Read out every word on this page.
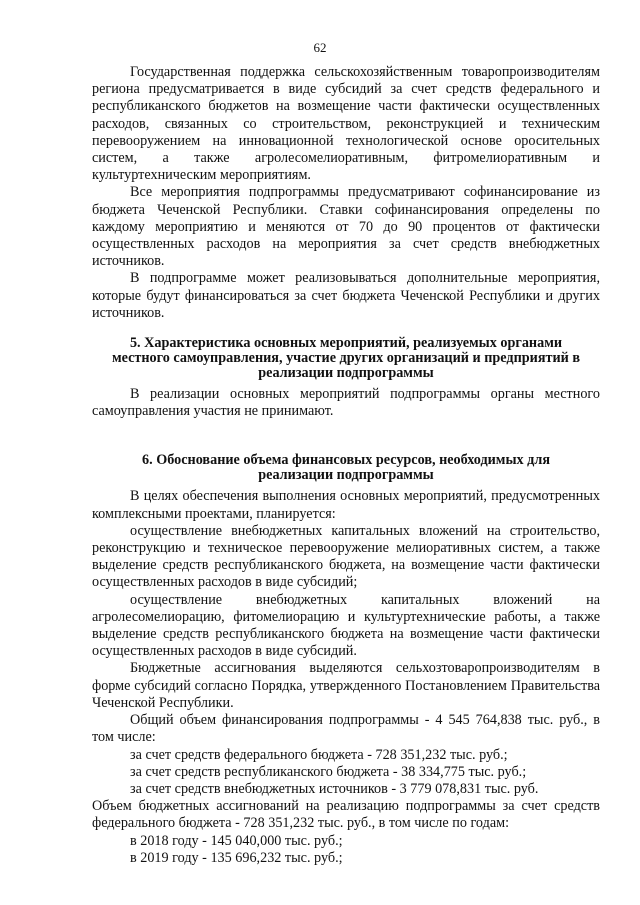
62

Государственная поддержка сельскохозяйственным товаропроизводителям региона предусматривается в виде субсидий за счет средств федерального и республиканского бюджетов на возмещение части фактически осуществленных расходов, связанных со строительством, реконструкцией и техническим перевооружением на инновационной технологической основе оросительных систем, а также агролесомелиоративным, фитромелиоративным и культуртехническим мероприятиям.

Все мероприятия подпрограммы предусматривают софинансирование из бюджета Чеченской Республики. Ставки софинансирования определены по каждому мероприятию и меняются от 70 до 90 процентов от фактически осуществленных расходов на мероприятия за счет средств внебюджетных источников.

В подпрограмме может реализовываться дополнительные мероприятия, которые будут финансироваться за счет бюджета Чеченской Республики и других источников.

5. Характеристика основных мероприятий, реализуемых органами
местного самоуправления, участие других организаций и предприятий в
реализации подпрограммы

В реализации основных мероприятий подпрограммы органы местного самоуправления участия не принимают.

6. Обоснование объема финансовых ресурсов, необходимых для
реализации подпрограммы

В целях обеспечения выполнения основных мероприятий, предусмотренных комплексными проектами, планируется:

осуществление внебюджетных капитальных вложений на строительство, реконструкцию и техническое перевооружение мелиоративных систем, а также выделение средств республиканского бюджета, на возмещение части фактически осуществленных расходов в виде субсидий;

осуществление внебюджетных капитальных вложений на агролесомелиорацию, фитомелиорацию и культуртехнические работы, а также выделение средств республиканского бюджета на возмещение части фактически осуществленных расходов в виде субсидий.

Бюджетные ассигнования выделяются сельхозтоваропроизводителям в форме субсидий согласно Порядка, утвержденного Постановлением Правительства Чеченской Республики.

Общий объем финансирования подпрограммы - 4 545 764,838 тыс. руб., в том числе:

за счет средств федерального бюджета - 728 351,232 тыс. руб.;

за счет средств республиканского бюджета - 38 334,775 тыс. руб.;

за счет средств внебюджетных источников - 3 779 078,831 тыс. руб.

Объем бюджетных ассигнований на реализацию подпрограммы за счет средств федерального бюджета - 728 351,232 тыс. руб., в том числе по годам:

в 2018 году - 145 040,000 тыс. руб.;

в 2019 году - 135 696,232 тыс. руб.;
